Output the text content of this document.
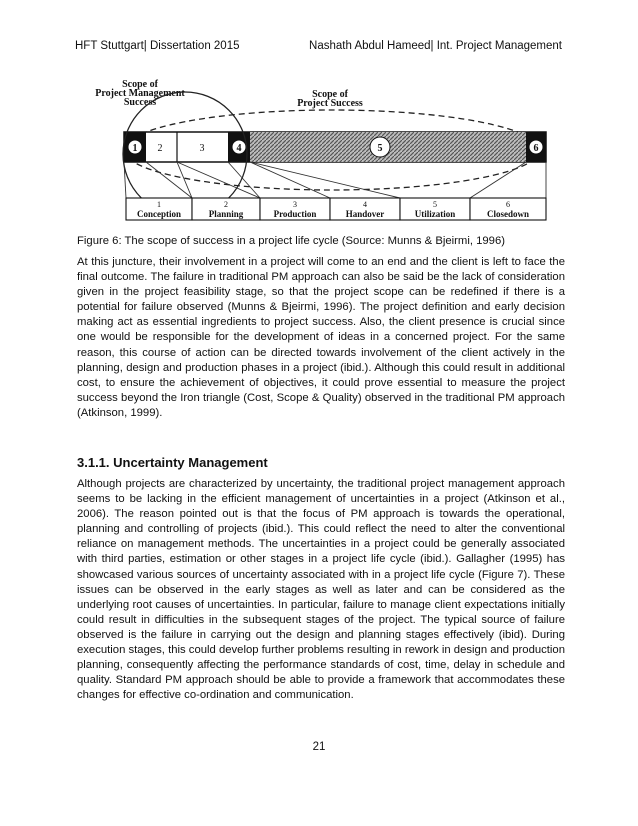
HFT Stuttgart| Dissertation 2015	Nashath Abdul Hameed| Int. Project Management
Scope of
Project Management
Success
Scope of
Project Success
1 2	3	4	5	6
1
Conception
2
Planning
3
Production
4
Handover
5
Utilization
6
Closedown
Figure 6: The scope of success in a project life cycle (Source: Munns & Bjeirmi, 1996)

At this juncture, their involvement in a project will come to an end and the client is left to face the final outcome. The failure in traditional PM approach can also be said be the lack of consideration given in the project feasibility stage, so that the project scope can be redefined if there is a potential for failure observed (Munns & Bjeirmi, 1996). The project definition and early decision making act as essential ingredients to project success. Also, the client presence is crucial since one would be responsible for the development of ideas in a concerned project. For the same reason, this course of action can be directed towards involvement of the client actively in the planning, design and production phases in a project (ibid.). Although this could result in additional cost, to ensure the achievement of objectives, it could prove essential to measure the project success beyond the Iron triangle (Cost, Scope & Quality) observed in the traditional PM approach (Atkinson, 1999).

3.1.1. Uncertainty Management

Although projects are characterized by uncertainty, the traditional project management approach seems to be lacking in the efficient management of uncertainties in a project (Atkinson et al., 2006). The reason pointed out is that the focus of PM approach is towards the operational, planning and controlling of projects (ibid.). This could reflect the need to alter the conventional reliance on management methods. The uncertainties in a project could be generally associated with third parties, estimation or other stages in a project life cycle (ibid.). Gallagher (1995) has showcased various sources of uncertainty associated with in a project life cycle (Figure 7). These issues can be observed in the early stages as well as later and can be considered as the underlying root causes of uncertainties. In particular, failure to manage client expectations initially could result in difficulties in the subsequent stages of the project. The typical source of failure observed is the failure in carrying out the design and planning stages effectively (ibid). During execution stages, this could develop further problems resulting in rework in design and production planning, consequently affecting the performance standards of cost, time, delay in schedule and quality. Standard PM approach should be able to provide a framework that accommodates these changes for effective co-ordination and communication.

21
